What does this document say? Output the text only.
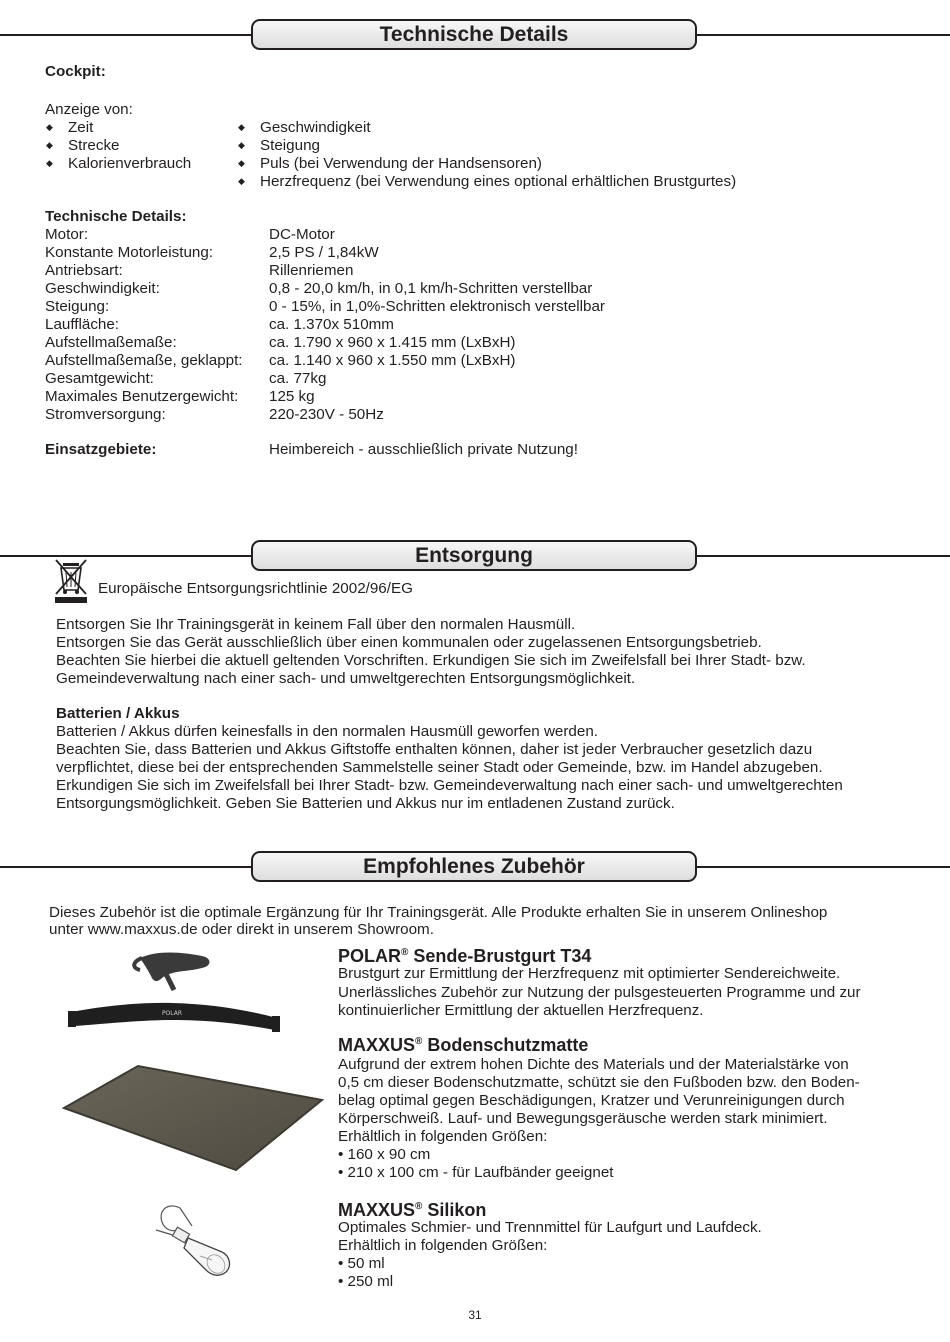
Technische Details
Cockpit:
Anzeige von:
◆ Zeit
◆ Strecke
◆ Kalorienverbrauch
◆ Geschwindigkeit
◆ Steigung
◆ Puls (bei Verwendung der Handsensoren)
◆ Herzfrequenz (bei Verwendung eines optional erhältlichen Brustgurtes)
Technische Details:
Motor:	DC-Motor
Konstante Motorleistung:	2,5 PS / 1,84kW
Antriebsart:	Rillenriemen
Geschwindigkeit:	0,8 - 20,0 km/h, in 0,1 km/h-Schritten verstellbar
Steigung:	0 - 15%, in 1,0%-Schritten elektronisch verstellbar
Lauffläche:	ca. 1.370x 510mm
Aufstellmaßemaße:	ca. 1.790 x 960 x 1.415 mm (LxBxH)
Aufstellmaßemaße, geklappt: ca. 1.140 x 960 x 1.550 mm (LxBxH)
Gesamtgewicht:	ca. 77kg
Maximales Benutzergewicht: 125 kg
Stromversorgung:	220-230V - 50Hz
Einsatzgebiete:	Heimbereich - ausschließlich private Nutzung!
Entsorgung
Europäische Entsorgungsrichtlinie 2002/96/EG
Entsorgen Sie Ihr Trainingsgerät in keinem Fall über den normalen Hausmüll.
Entsorgen Sie das Gerät ausschließlich über einen kommunalen oder zugelassenen Entsorgungsbetrieb.
Beachten Sie hierbei die aktuell geltenden Vorschriften. Erkundigen Sie sich im Zweifelsfall bei Ihrer Stadt- bzw.
Gemeindeverwaltung nach einer sach- und umweltgerechten Entsorgungsmöglichkeit.
Batterien / Akkus
Batterien / Akkus dürfen keinesfalls in den normalen Hausmüll geworfen werden.
Beachten Sie, dass Batterien und Akkus Giftstoffe enthalten können, daher ist jeder Verbraucher gesetzlich dazu
verpflichtet, diese bei der entsprechenden Sammelstelle seiner Stadt oder Gemeinde, bzw. im Handel abzugeben.
Erkundigen Sie sich im Zweifelsfall bei Ihrer Stadt- bzw. Gemeindeverwaltung nach einer sach- und umweltgerechten
Entsorgungsmöglichkeit. Geben Sie Batterien und Akkus nur im entladenen Zustand zurück.
Empfohlenes Zubehör
Dieses Zubehör ist die optimale Ergänzung für Ihr Trainingsgerät. Alle Produkte erhalten Sie in unserem Onlineshop
unter www.maxxus.de oder direkt in unserem Showroom.
POLAR
POLAR® Sende-Brustgurt T34
Brustgurt zur Ermittlung der Herzfrequenz mit optimierter Sendereichweite.
Unerlässliches Zubehör zur Nutzung der pulsgesteuerten Programme und zur
kontinuierlicher Ermittlung der aktuellen Herzfrequenz.
MAXXUS® Bodenschutzmatte
Aufgrund der extrem hohen Dichte des Materials und der Materialstärke von
0,5 cm dieser Bodenschutzmatte, schützt sie den Fußboden bzw. den Boden-
belag optimal gegen Beschädigungen, Kratzer und Verunreinigungen durch
Körperschweiß. Lauf- und Bewegungsgeräusche werden stark minimiert.
Erhältlich in folgenden Größen:
• 160 x 90 cm
• 210 x 100 cm - für Laufbänder geeignet
MAXXUS® Silikon
Optimales Schmier- und Trennmittel für Laufgurt und Laufdeck.
Erhältlich in folgenden Größen:
• 50 ml
• 250 ml
31
